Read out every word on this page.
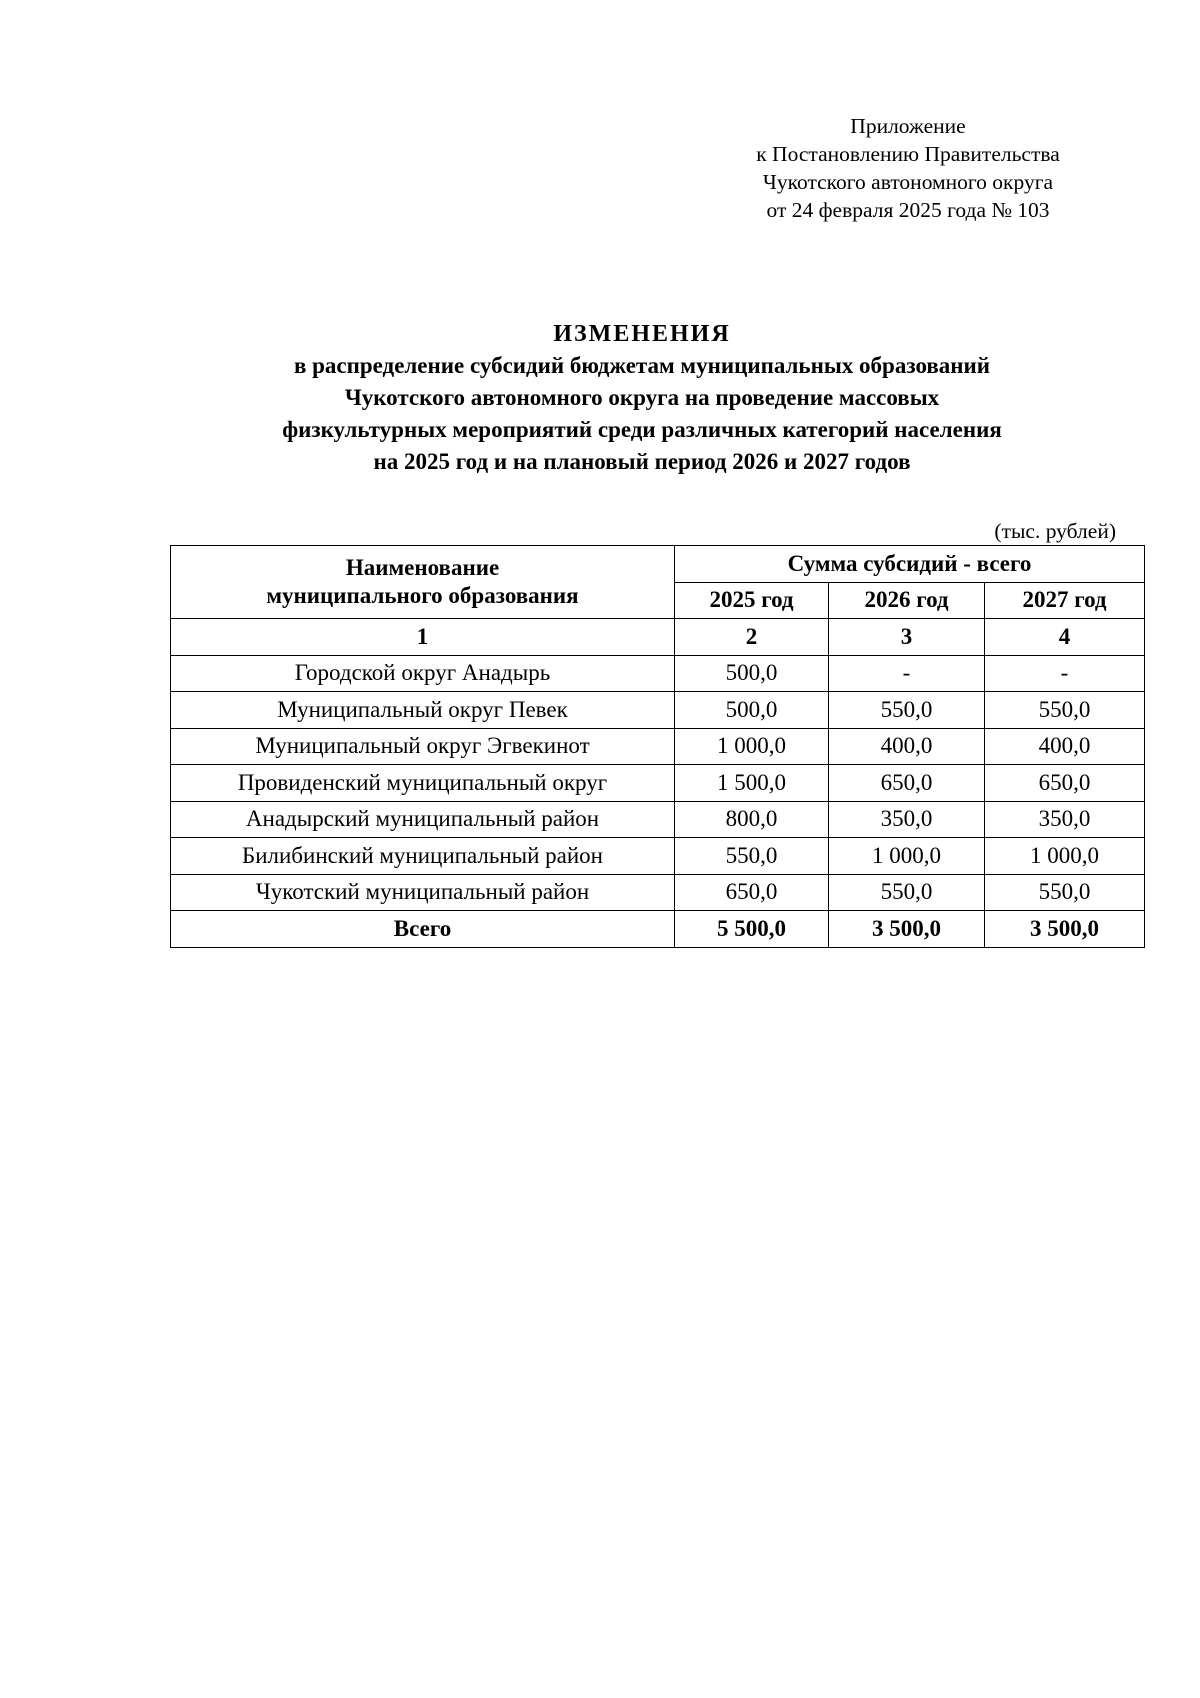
Приложение
к Постановлению Правительства
Чукотского автономного округа
от 24 февраля 2025 года № 103
ИЗМЕНЕНИЯ
в распределение субсидий бюджетам муниципальных образований
Чукотского автономного округа на проведение массовых
физкультурных мероприятий среди различных категорий населения
на 2025 год и на плановый период 2026 и 2027 годов
(тыс. рублей)
Наименование
муниципального образования	Сумма субсидий - всего		
	2025 год	2026 год	2027 год
1	2	3	4
Городской округ Анадырь	500,0	-	-
Муниципальный округ Певек	500,0	550,0	550,0
Муниципальный округ Эгвекинот	1 000,0	400,0	400,0
Провиденский муниципальный округ	1 500,0	650,0	650,0
Анадырский муниципальный район	800,0	350,0	350,0
Билибинский муниципальный район	550,0	1 000,0	1 000,0
Чукотский муниципальный район	650,0	550,0	550,0
Всего	5 500,0	3 500,0	3 500,0
